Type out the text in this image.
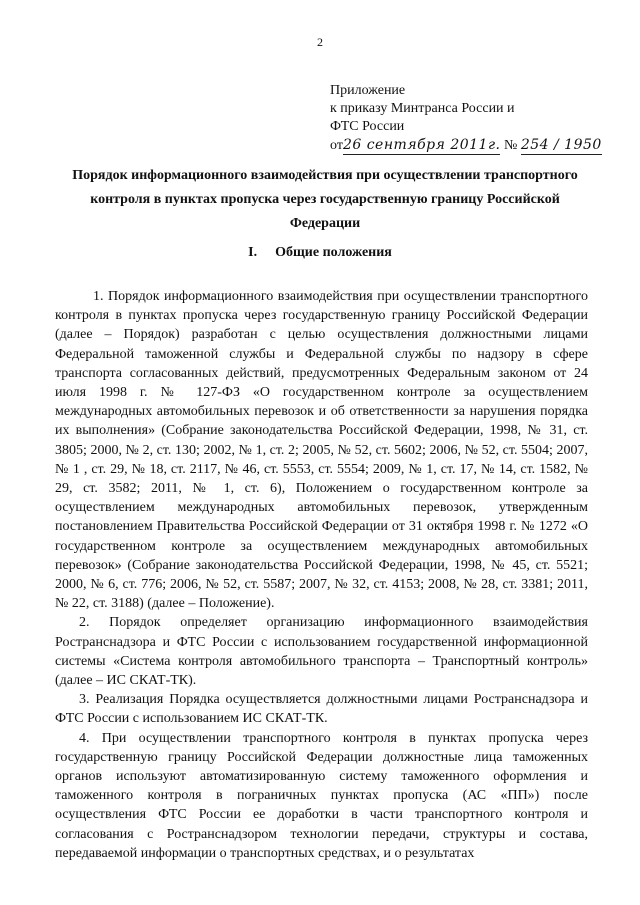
2
Приложение
к приказу Минтранса России и
ФТС России
от26 сентября 2011г. № 254 / 1950
Порядок информационного взаимодействия при осуществлении транспортного контроля в пунктах пропуска через государственную границу Российской Федерации
I. Общие положения

1. Порядок информационного взаимодействия при осуществлении транспортного контроля в пунктах пропуска через государственную границу Российской Федерации (далее – Порядок) разработан с целью осуществления должностными лицами Федеральной таможенной службы и Федеральной службы по надзору в сфере транспорта согласованных действий, предусмотренных Федеральным законом от 24 июля 1998 г. № 127-ФЗ «О государственном контроле за осуществлением международных автомобильных перевозок и об ответственности за нарушения порядка их выполнения» (Собрание законодательства Российской Федерации, 1998, № 31, ст. 3805; 2000, № 2, ст. 130; 2002, № 1, ст. 2; 2005, № 52, ст. 5602; 2006, № 52, ст. 5504; 2007, № 1 , ст. 29, № 18, ст. 2117, № 46, ст. 5553, ст. 5554; 2009, № 1, ст. 17, № 14, ст. 1582, № 29, ст. 3582; 2011, № 1, ст. 6), Положением о государственном контроле за осуществлением международных автомобильных перевозок, утвержденным постановлением Правительства Российской Федерации от 31 октября 1998 г. № 1272 «О государственном контроле за осуществлением международных автомобильных перевозок» (Собрание законодательства Российской Федерации, 1998, № 45, ст. 5521; 2000, № 6, ст. 776; 2006, № 52, ст. 5587; 2007, № 32, ст. 4153; 2008, № 28, ст. 3381; 2011, № 22, ст. 3188) (далее – Положение).

2. Порядок определяет организацию информационного взаимодействия Ространснадзора и ФТС России с использованием государственной информационной системы «Система контроля автомобильного транспорта – Транспортный контроль» (далее – ИС СКАТ-ТК).

3. Реализация Порядка осуществляется должностными лицами Ространснадзора и ФТС России с использованием ИС СКАТ-ТК.

4. При осуществлении транспортного контроля в пунктах пропуска через государственную границу Российской Федерации должностные лица таможенных органов используют автоматизированную систему таможенного оформления и таможенного контроля в пограничных пунктах пропуска (АС «ПП») после осуществления ФТС России ее доработки в части транспортного контроля и согласования с Ространснадзором технологии передачи, структуры и состава, передаваемой информации о транспортных средствах, и о результатах
